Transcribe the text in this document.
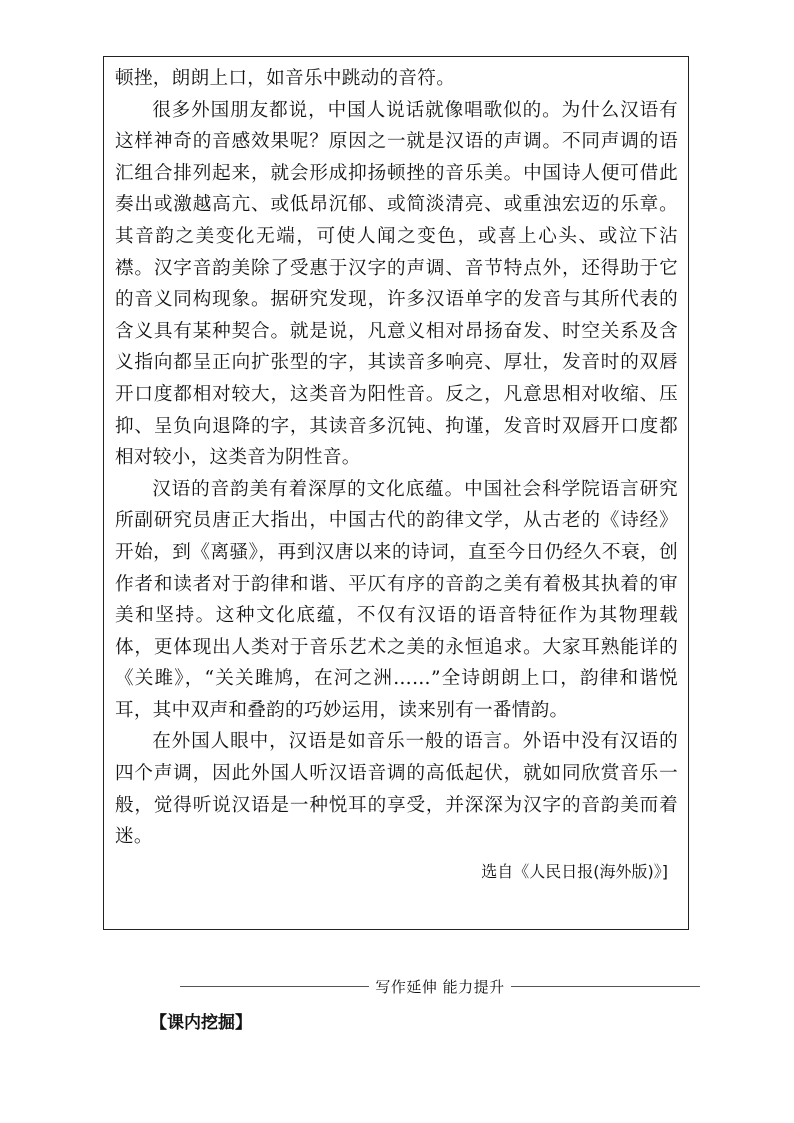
顿挫，朗朗上口，如音乐中跳动的音符。

很多外国朋友都说，中国人说话就像唱歌似的。为什么汉语有这样神奇的音感效果呢？原因之一就是汉语的声调。不同声调的语汇组合排列起来，就会形成抑扬顿挫的音乐美。中国诗人便可借此奏出或激越高亢、或低昂沉郁、或简淡清亮、或重浊宏迈的乐章。其音韵之美变化无端，可使人闻之变色，或喜上心头、或泣下沾襟。汉字音韵美除了受惠于汉字的声调、音节特点外，还得助于它的音义同构现象。据研究发现，许多汉语单字的发音与其所代表的含义具有某种契合。就是说，凡意义相对昂扬奋发、时空关系及含义指向都呈正向扩张型的字，其读音多响亮、厚壮，发音时的双唇开口度都相对较大，这类音为阳性音。反之，凡意思相对收缩、压抑、呈负向退降的字，其读音多沉钝、拘谨，发音时双唇开口度都相对较小，这类音为阴性音。

汉语的音韵美有着深厚的文化底蕴。中国社会科学院语言研究所副研究员唐正大指出，中国古代的韵律文学，从古老的《诗经》开始，到《离骚》，再到汉唐以来的诗词，直至今日仍经久不衰，创作者和读者对于韵律和谐、平仄有序的音韵之美有着极其执着的审美和坚持。这种文化底蕴，不仅有汉语的语音特征作为其物理载体，更体现出人类对于音乐艺术之美的永恒追求。大家耳熟能详的《关雎》，“关关雎鸠，在河之洲……”全诗朗朗上口，韵律和谐悦耳，其中双声和叠韵的巧妙运用，读来别有一番情韵。

在外国人眼中，汉语是如音乐一般的语言。外语中没有汉语的四个声调，因此外国人听汉语音调的高低起伏，就如同欣赏音乐一般，觉得听说汉语是一种悦耳的享受，并深深为汉字的音韵美而着迷。

选自《人民日报(海外版)》]
写作延伸 能力提升
【课内挖掘】
